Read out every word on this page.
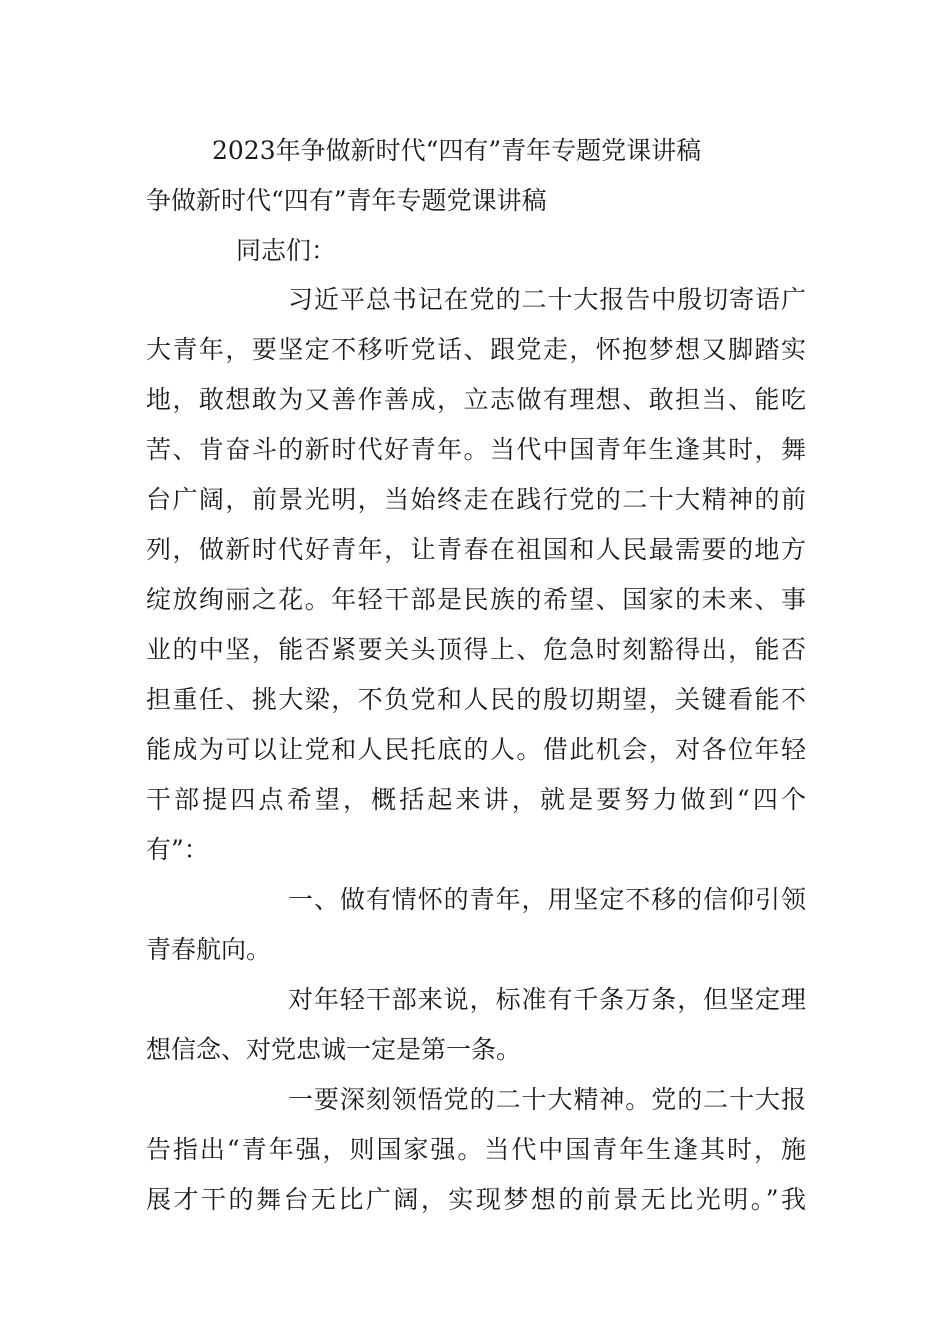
2023年争做新时代“四有”青年专题党课讲稿
争做新时代“四有”青年专题党课讲稿
同志们：
习近平总书记在党的二十大报告中殷切寄语广
大青年，要坚定不移听党话、跟党走，怀抱梦想又脚踏实
地，敢想敢为又善作善成，立志做有理想、敢担当、能吃
苦、肯奋斗的新时代好青年。当代中国青年生逢其时，舞
台广阔，前景光明，当始终走在践行党的二十大精神的前
列，做新时代好青年，让青春在祖国和人民最需要的地方
绽放绚丽之花。年轻干部是民族的希望、国家的未来、事
业的中坚，能否紧要关头顶得上、危急时刻豁得出，能否
担重任、挑大梁，不负党和人民的殷切期望，关键看能不
能成为可以让党和人民托底的人。借此机会，对各位年轻
干部提四点希望，概括起来讲，就是要努力做到“四个
有”：
一、做有情怀的青年，用坚定不移的信仰引领
青春航向。
对年轻干部来说，标准有千条万条，但坚定理
想信念、对党忠诚一定是第一条。
一要深刻领悟党的二十大精神。党的二十大报
告指出“青年强，则国家强。当代中国青年生逢其时，施
展才干的舞台无比广阔，实现梦想的前景无比光明。”我
